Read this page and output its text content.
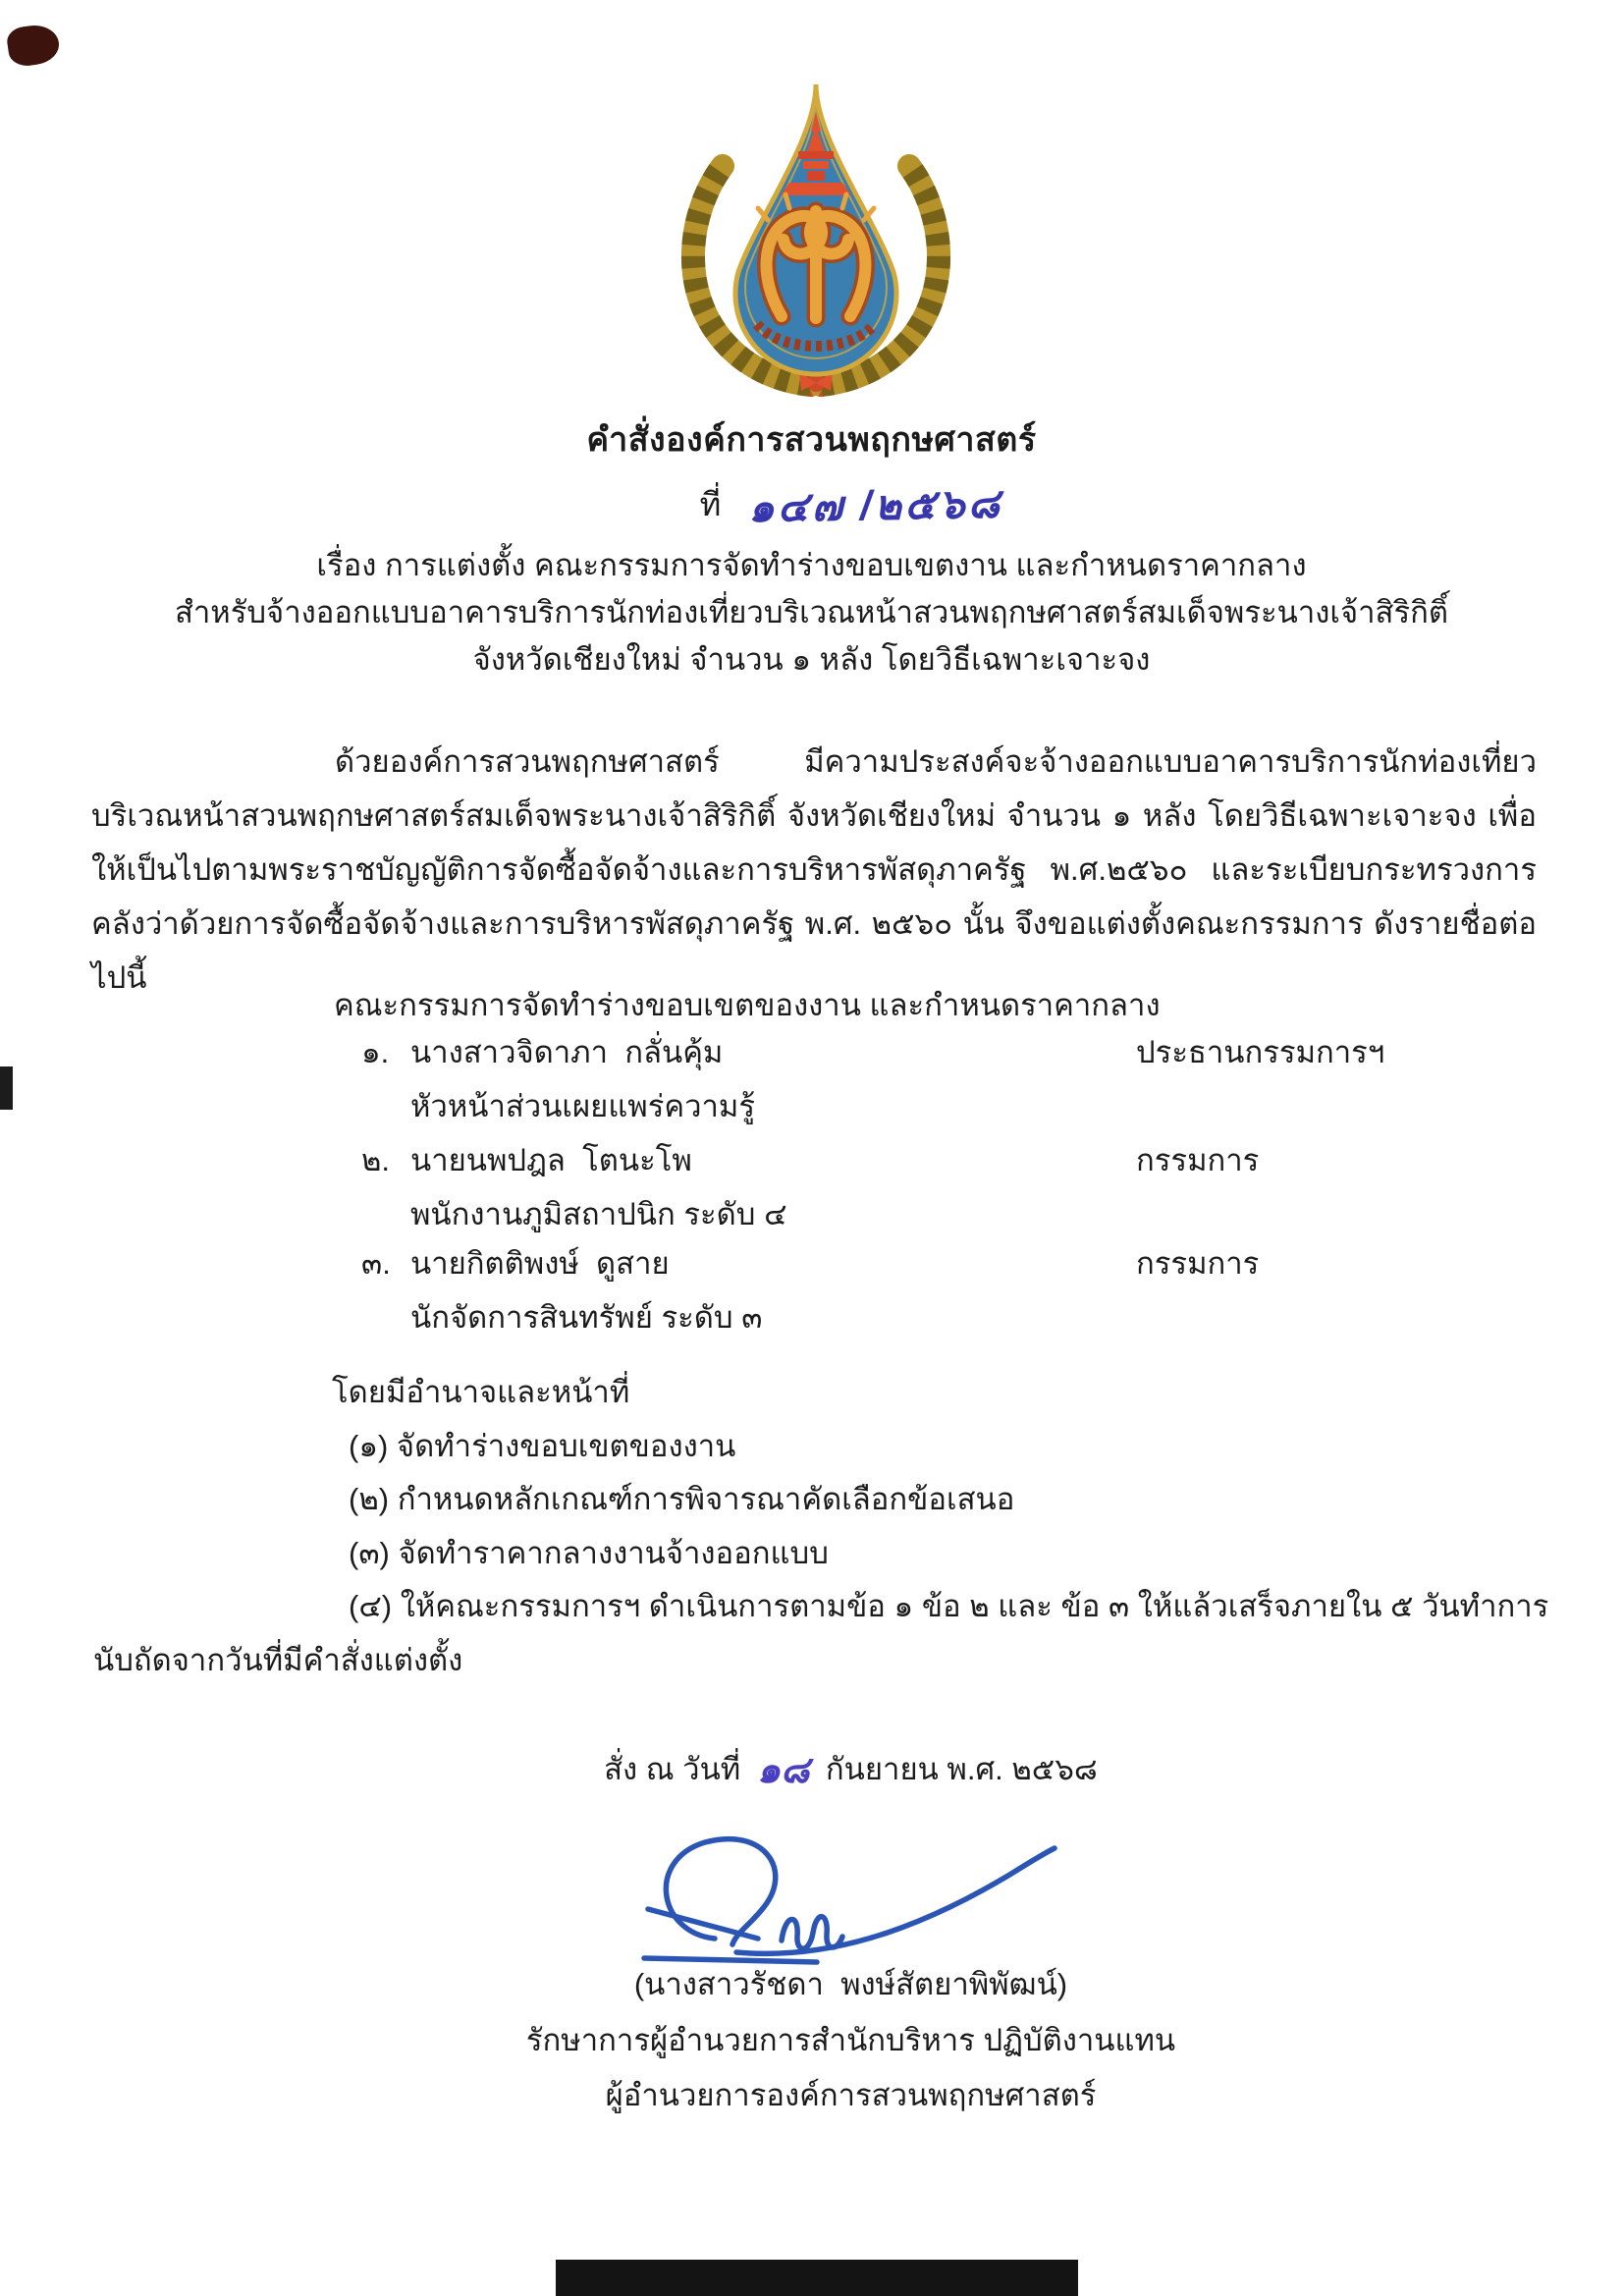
คำสั่งองค์การสวนพฤกษศาสตร์
ที่ ๑๔๗ /๒๕๖๘
เรื่อง การแต่งตั้ง คณะกรรมการจัดทำร่างขอบเขตงาน และกำหนดราคากลาง
สำหรับจ้างออกแบบอาคารบริการนักท่องเที่ยวบริเวณหน้าสวนพฤกษศาสตร์สมเด็จพระนางเจ้าสิริกิติ์
จังหวัดเชียงใหม่ จำนวน ๑ หลัง โดยวิธีเฉพาะเจาะจง
ด้วยองค์การสวนพฤกษศาสตร์ มีความประสงค์จะจ้างออกแบบอาคารบริการนักท่องเที่ยวบริเวณหน้าสวนพฤกษศาสตร์สมเด็จพระนางเจ้าสิริกิติ์ จังหวัดเชียงใหม่ จำนวน ๑ หลัง โดยวิธีเฉพาะเจาะจง เพื่อให้เป็นไปตามพระราชบัญญัติการจัดซื้อจัดจ้างและการบริหารพัสดุภาครัฐ พ.ศ.๒๕๖๐ และระเบียบกระทรวงการคลังว่าด้วยการจัดซื้อจัดจ้างและการบริหารพัสดุภาครัฐ พ.ศ. ๒๕๖๐ นั้น จึงขอแต่งตั้งคณะกรรมการ ดังรายชื่อต่อไปนี้
คณะกรรมการจัดทำร่างขอบเขตของงาน และกำหนดราคากลาง
๑. นางสาวจิดาภา  กลั่นคุ้ม	ประธานกรรมการฯ
หัวหน้าส่วนเผยแพร่ความรู้
๒. นายนพปฎล  โตนะโพ	กรรมการ
พนักงานภูมิสถาปนิก ระดับ ๔
๓. นายกิตติพงษ์  ดูสาย	กรรมการ
นักจัดการสินทรัพย์ ระดับ ๓
โดยมีอำนาจและหน้าที่
(๑) จัดทำร่างขอบเขตของงาน
(๒) กำหนดหลักเกณฑ์การพิจารณาคัดเลือกข้อเสนอ
(๓) จัดทำราคากลางงานจ้างออกแบบ
(๔) ให้คณะกรรมการฯ ดำเนินการตามข้อ ๑ ข้อ ๒ และ ข้อ ๓ ให้แล้วเสร็จภายใน ๕ วันทำการ
นับถัดจากวันที่มีคำสั่งแต่งตั้ง
สั่ง ณ วันที่ ๑๘ กันยายน พ.ศ. ๒๕๖๘
(นางสาวรัชดา  พงษ์สัตยาพิพัฒน์)
รักษาการผู้อำนวยการสำนักบริหาร ปฏิบัติงานแทน
ผู้อำนวยการองค์การสวนพฤกษศาสตร์
